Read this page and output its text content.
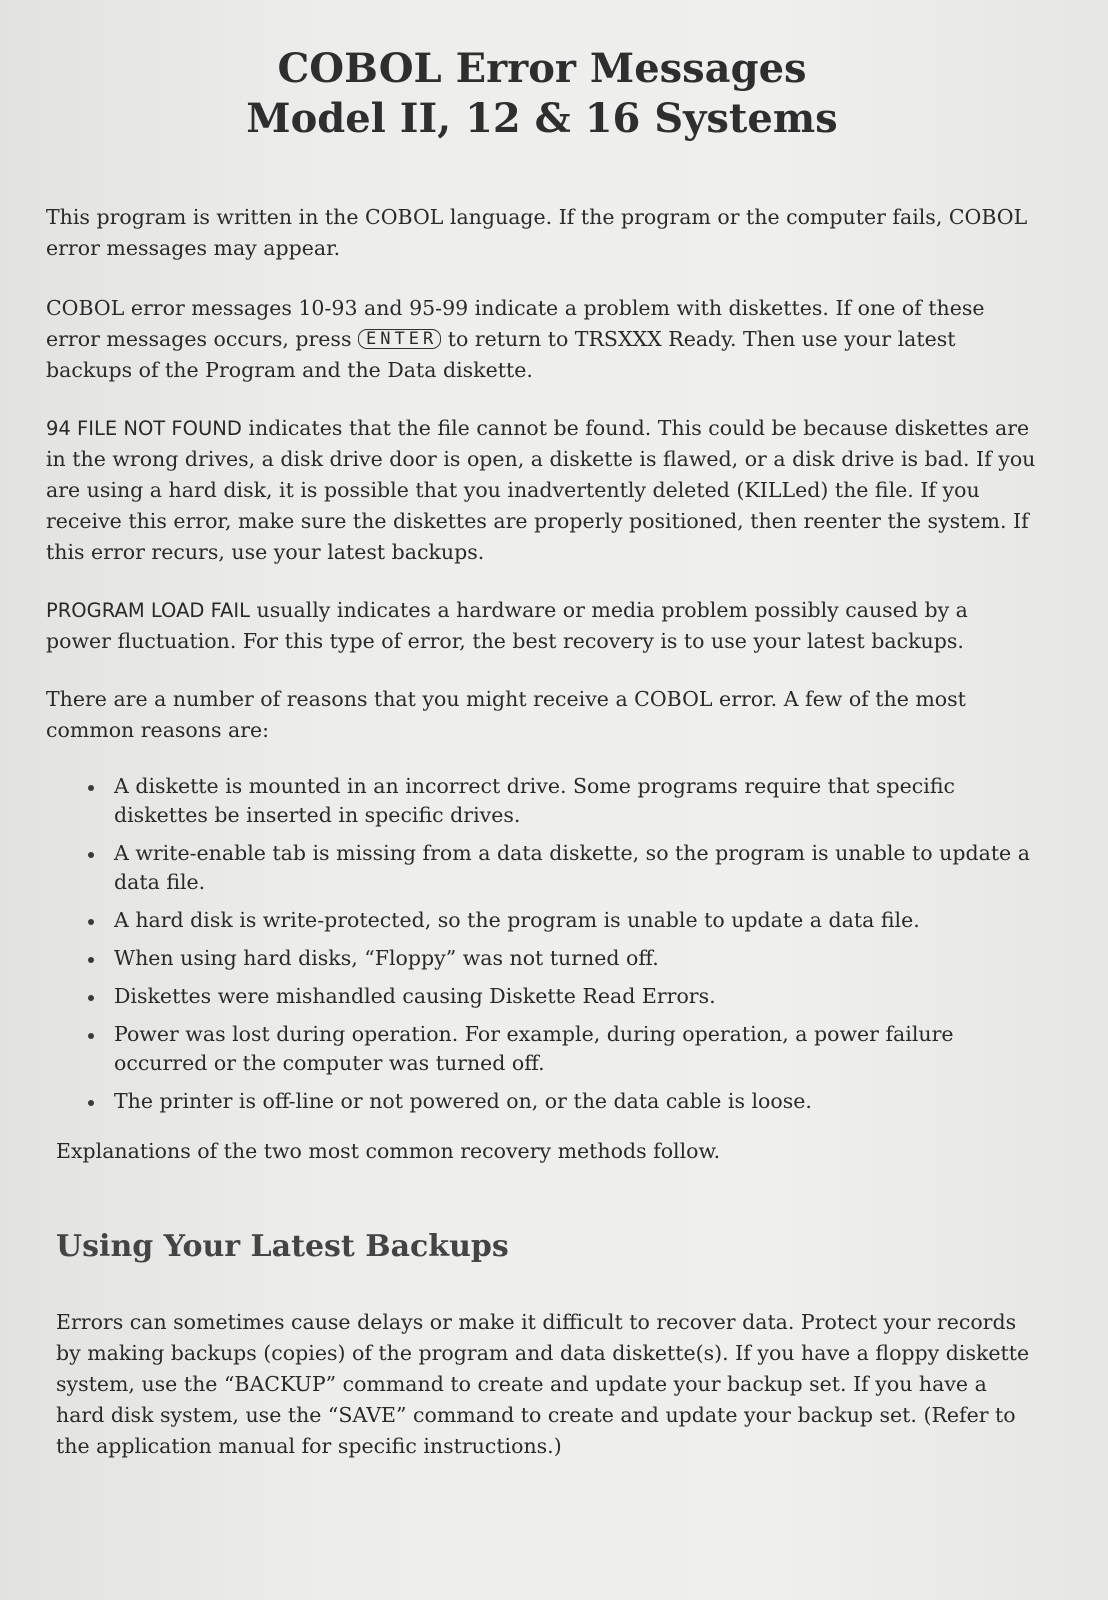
COBOL Error Messages
Model II, 12 & 16 Systems

This program is written in the COBOL language. If the program or the computer fails, COBOL error messages may appear.

COBOL error messages 10-93 and 95-99 indicate a problem with diskettes. If one of these error messages occurs, press ENTER to return to TRSXXX Ready. Then use your latest backups of the Program and the Data diskette.

94 FILE NOT FOUND indicates that the file cannot be found. This could be because diskettes are in the wrong drives, a disk drive door is open, a diskette is flawed, or a disk drive is bad. If you are using a hard disk, it is possible that you inadvertently deleted (KILLed) the file. If you receive this error, make sure the diskettes are properly positioned, then reenter the system. If this error recurs, use your latest backups.

PROGRAM LOAD FAIL usually indicates a hardware or media problem possibly caused by a power fluctuation. For this type of error, the best recovery is to use your latest backups.

There are a number of reasons that you might receive a COBOL error. A few of the most common reasons are:

A diskette is mounted in an incorrect drive. Some programs require that specific diskettes be inserted in specific drives.
A write-enable tab is missing from a data diskette, so the program is unable to update a data file.
A hard disk is write-protected, so the program is unable to update a data file.
When using hard disks, “Floppy” was not turned off.
Diskettes were mishandled causing Diskette Read Errors.
Power was lost during operation. For example, during operation, a power failure occurred or the computer was turned off.
The printer is off-line or not powered on, or the data cable is loose.

Explanations of the two most common recovery methods follow.

Using Your Latest Backups

Errors can sometimes cause delays or make it difficult to recover data. Protect your records by making backups (copies) of the program and data diskette(s). If you have a floppy diskette system, use the “BACKUP” command to create and update your backup set. If you have a hard disk system, use the “SAVE” command to create and update your backup set. (Refer to the application manual for specific instructions.)
